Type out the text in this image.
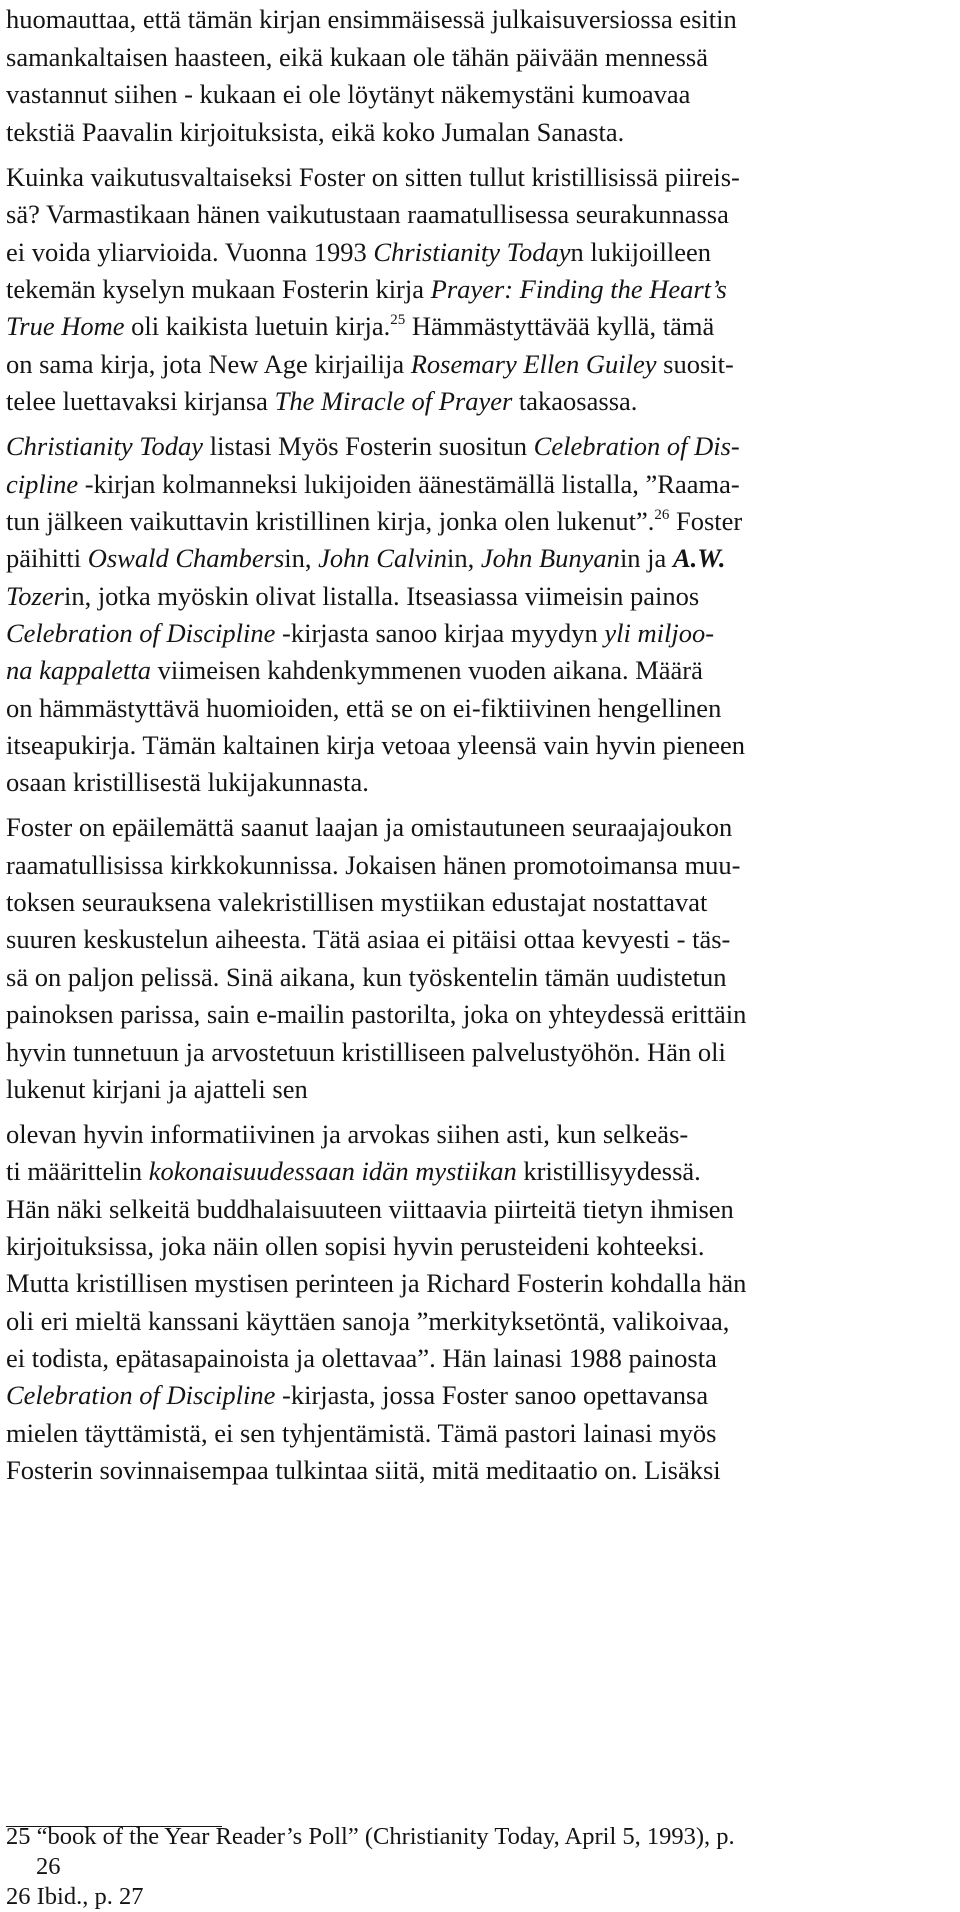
huomauttaa, että tämän kirjan ensimmäisessä julkaisuversiossa esitin
samankaltaisen haasteen, eikä kukaan ole tähän päivään mennessä
vastannut siihen - kukaan ei ole löytänyt näkemystäni kumoavaa
tekstiä Paavalin kirjoituksista, eikä koko Jumalan Sanasta.
Kuinka vaikutusvaltaiseksi Foster on sitten tullut kristillisissä piireis-
sä? Varmastikaan hänen vaikutustaan raamatullisessa seurakunnassa
ei voida yliarvioida. Vuonna 1993 Christianity Todayn lukijoilleen
tekemän kyselyn mukaan Fosterin kirja Prayer: Finding the Heart’s
True Home oli kaikista luetuin kirja.$^{25}$ Hämmästyttävää kyllä, tämä
on sama kirja, jota New Age kirjailija Rosemary Ellen Guiley suosit-
telee luettavaksi kirjansa The Miracle of Prayer takaosassa.
Christianity Today listasi Myös Fosterin suositun Celebration of Dis-
cipline -kirjan kolmanneksi lukijoiden äänestämällä listalla, ”Raama-
tun jälkeen vaikuttavin kristillinen kirja, jonka olen lukenut”.$^{26}$ Foster
päihitti Oswald Chambersin, John Calvinin, John Bunyanin ja A.W.
Tozerin, jotka myöskin olivat listalla. Itseasiassa viimeisin painos
Celebration of Discipline -kirjasta sanoo kirjaa myydyn yli miljoo-
na kappaletta viimeisen kahdenkymmenen vuoden aikana. Määrä
on hämmästyttävä huomioiden, että se on ei-fiktiivinen hengellinen
itseapukirja. Tämän kaltainen kirja vetoaa yleensä vain hyvin pieneen
osaan kristillisestä lukijakunnasta.
Foster on epäilemättä saanut laajan ja omistautuneen seuraajajoukon
raamatullisissa kirkkokunnissa. Jokaisen hänen promotoimansa muu-
toksen seurauksena valekristillisen mystiikan edustajat nostattavat
suuren keskustelun aiheesta. Tätä asiaa ei pitäisi ottaa kevyesti - täs-
sä on paljon pelissä. Sinä aikana, kun työskentelin tämän uudistetun
painoksen parissa, sain e-mailin pastorilta, joka on yhteydessä erittäin
hyvin tunnetuun ja arvostetuun kristilliseen palvelustyöhön. Hän oli
lukenut kirjani ja ajatteli sen
olevan hyvin informatiivinen ja arvokas siihen asti, kun selkeäs-
ti määrittelin kokonaisuudessaan idän mystiikan kristillisyydessä.
Hän näki selkeitä buddhalaisuuteen viittaavia piirteitä tietyn ihmisen
kirjoituksissa, joka näin ollen sopisi hyvin perusteideni kohteeksi.
Mutta kristillisen mystisen perinteen ja Richard Fosterin kohdalla hän
oli eri mieltä kanssani käyttäen sanoja ”merkityksetöntä, valikoivaa,
ei todista, epätasapainoista ja olettavaa”. Hän lainasi 1988 painosta
Celebration of Discipline -kirjasta, jossa Foster sanoo opettavansa
mielen täyttämistä, ei sen tyhjentämistä. Tämä pastori lainasi myös
Fosterin sovinnaisempaa tulkintaa siitä, mitä meditaatio on. Lisäksi
25 “book of the Year Reader’s Poll” (Christianity Today, April 5, 1993), p.
26
26 Ibid., p. 27
